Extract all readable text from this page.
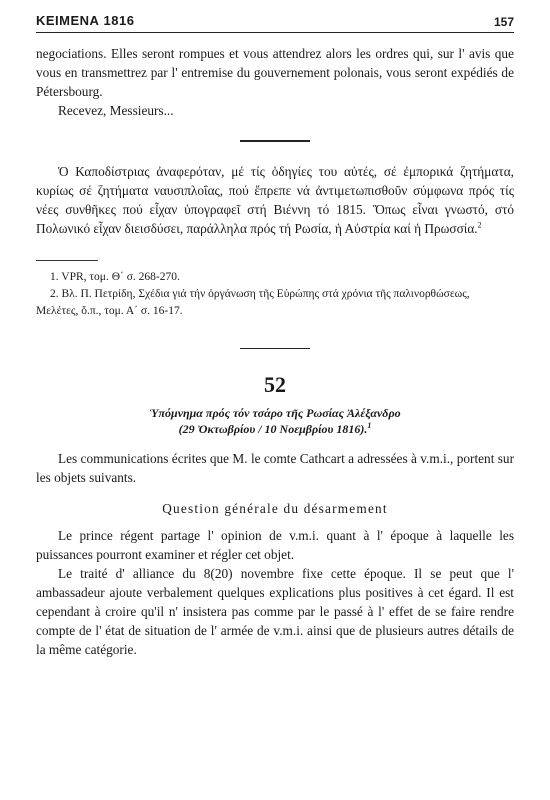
ΚΕΙΜΕΝΑ 1816	157

negociations. Elles seront rompues et vous attendrez alors les ordres qui, sur l' avis que vous en transmettrez par l' entremise du gouvernement polonais, vous seront expédiés de Pétersbourg.

Recevez, Messieurs...

Ὁ Καποδίστριας ἀναφερόταν, μέ τίς ὁδηγίες του αὐτές, σέ ἐμπορικά ζητήματα, κυρίως σέ ζητήματα ναυσιπλοΐας, πού ἔπρεπε νά ἀντιμετωπισθοῦν σύμφωνα πρός τίς νέες συνθῆκες πού εἶχαν ὑπογραφεῖ στή Βιέννη τό 1815. Ὅπως εἶναι γνωστό, στό Πολωνικό εἶχαν διεισδύσει, παράλληλα πρός τή Ρωσία, ἡ Αὐστρία καί ἡ Πρωσσία.$^2$

1. VPR, τομ. Θ΄ σ. 268-270.

2. Βλ. Π. Πετρίδη, Σχέδια γιά τήν ὀργάνωση τῆς Εὐρώπης στά χρόνια τῆς παλινορθώσεως, Μελέτες, ὅ.π., τομ. Α΄ σ. 16-17.

52
Ὑπόμνημα πρός τόν τσάρο τῆς Ρωσίας Ἀλέξανδρο
(29 Ὀκτωβρίου / 10 Νοεμβρίου 1816).$^1$

Les communications écrites que M. le comte Cathcart a adressées à v.m.i., portent sur les objets suivants.

Question générale du désarmement

Le prince régent partage l' opinion de v.m.i. quant à l' époque à laquelle les puissances pourront examiner et régler cet objet.

Le traité d' alliance du 8(20) novembre fixe cette époque. Il se peut que l' ambassadeur ajoute verbalement quelques explications plus positives à cet égard. Il est cependant à croire qu'il n' insistera pas comme par le passé à l' effet de se faire rendre compte de l' état de situation de l' armée de v.m.i. ainsi que de plusieurs autres détails de la même catégorie.
